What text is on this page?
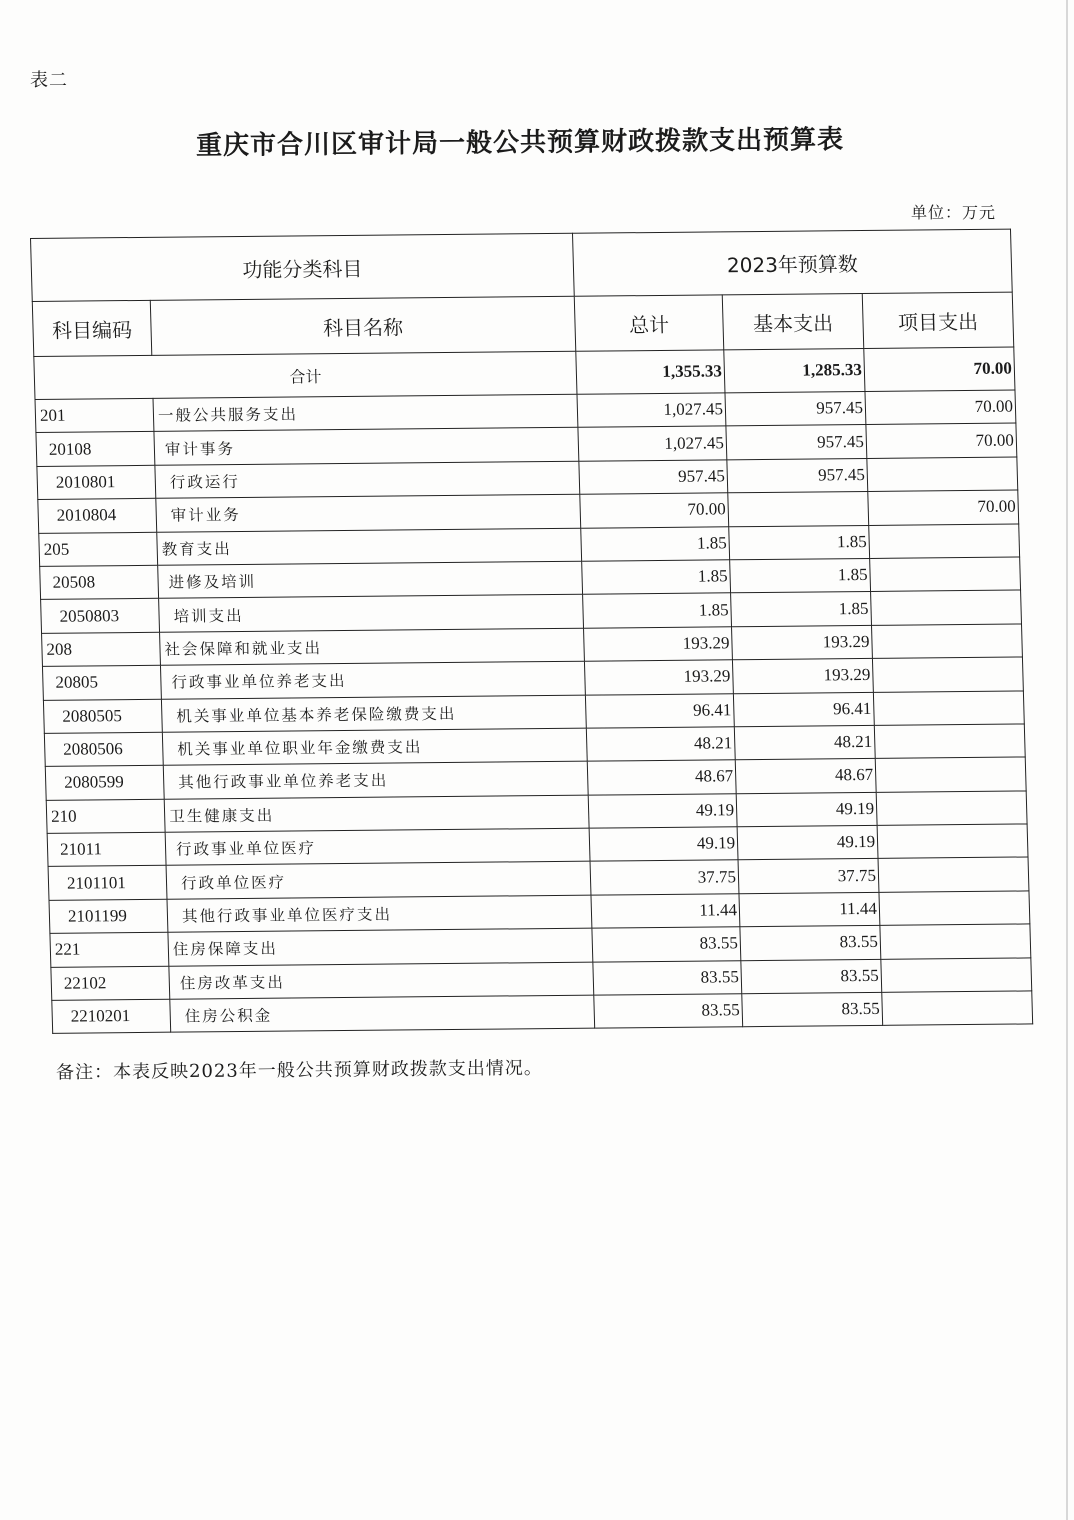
表二
重庆市合川区审计局一般公共预算财政拨款支出预算表
单位：万元
功能分类科目		2023年预算数		
科目编码	科目名称	总计	基本支出	项目支出
合计		1,355.33	1,285.33	70.00
201	一般公共服务支出	1,027.45	957.45	70.00
20108	审计事务	1,027.45	957.45	70.00
2010801	行政运行	957.45	957.45	
2010804	审计业务	70.00		70.00
205	教育支出	1.85	1.85	
20508	进修及培训	1.85	1.85	
2050803	培训支出	1.85	1.85	
208	社会保障和就业支出	193.29	193.29	
20805	行政事业单位养老支出	193.29	193.29	
2080505	机关事业单位基本养老保险缴费支出	96.41	96.41	
2080506	机关事业单位职业年金缴费支出	48.21	48.21	
2080599	其他行政事业单位养老支出	48.67	48.67	
210	卫生健康支出	49.19	49.19	
21011	行政事业单位医疗	49.19	49.19	
2101101	行政单位医疗	37.75	37.75	
2101199	其他行政事业单位医疗支出	11.44	11.44	
221	住房保障支出	83.55	83.55	
22102	住房改革支出	83.55	83.55	
2210201	住房公积金	83.55	83.55	
备注：本表反映2023年一般公共预算财政拨款支出情况。
